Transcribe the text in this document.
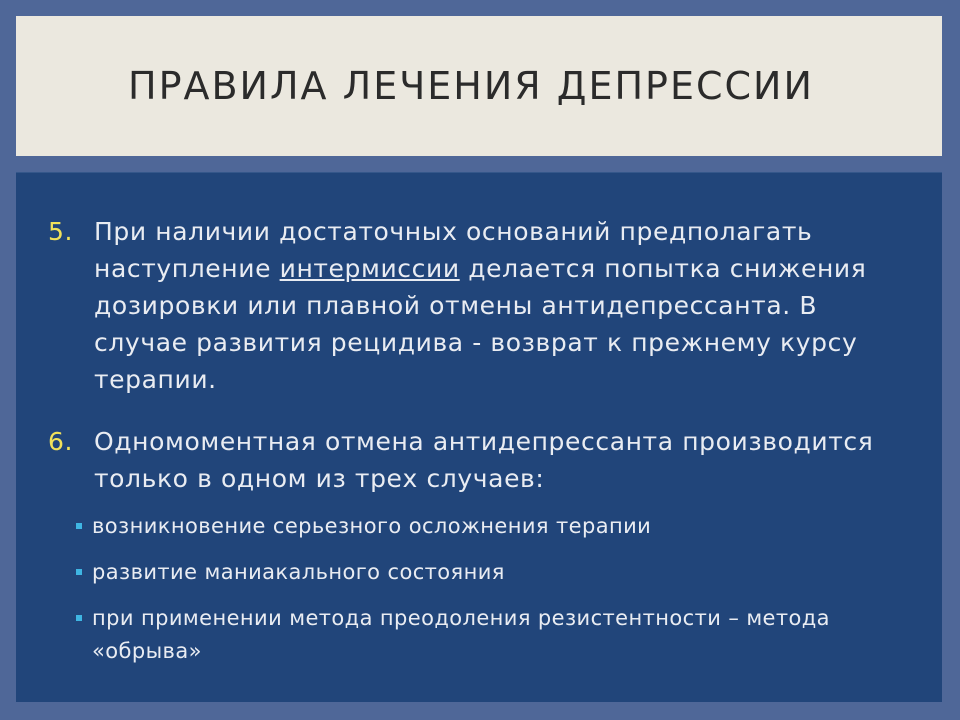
ПРАВИЛА ЛЕЧЕНИЯ ДЕПРЕССИИ
5. При наличии достаточных оснований предполагать наступление интермиссии делается попытка снижения дозировки или плавной отмены антидепрессанта. В случае развития рецидива - возврат к прежнему курсу терапии.
6. Одномоментная отмена антидепрессанта производится только в одном из трех случаев:
возникновение серьезного осложнения терапии
развитие маниакального состояния
при применении метода преодоления резистентности – метода «обрыва»
